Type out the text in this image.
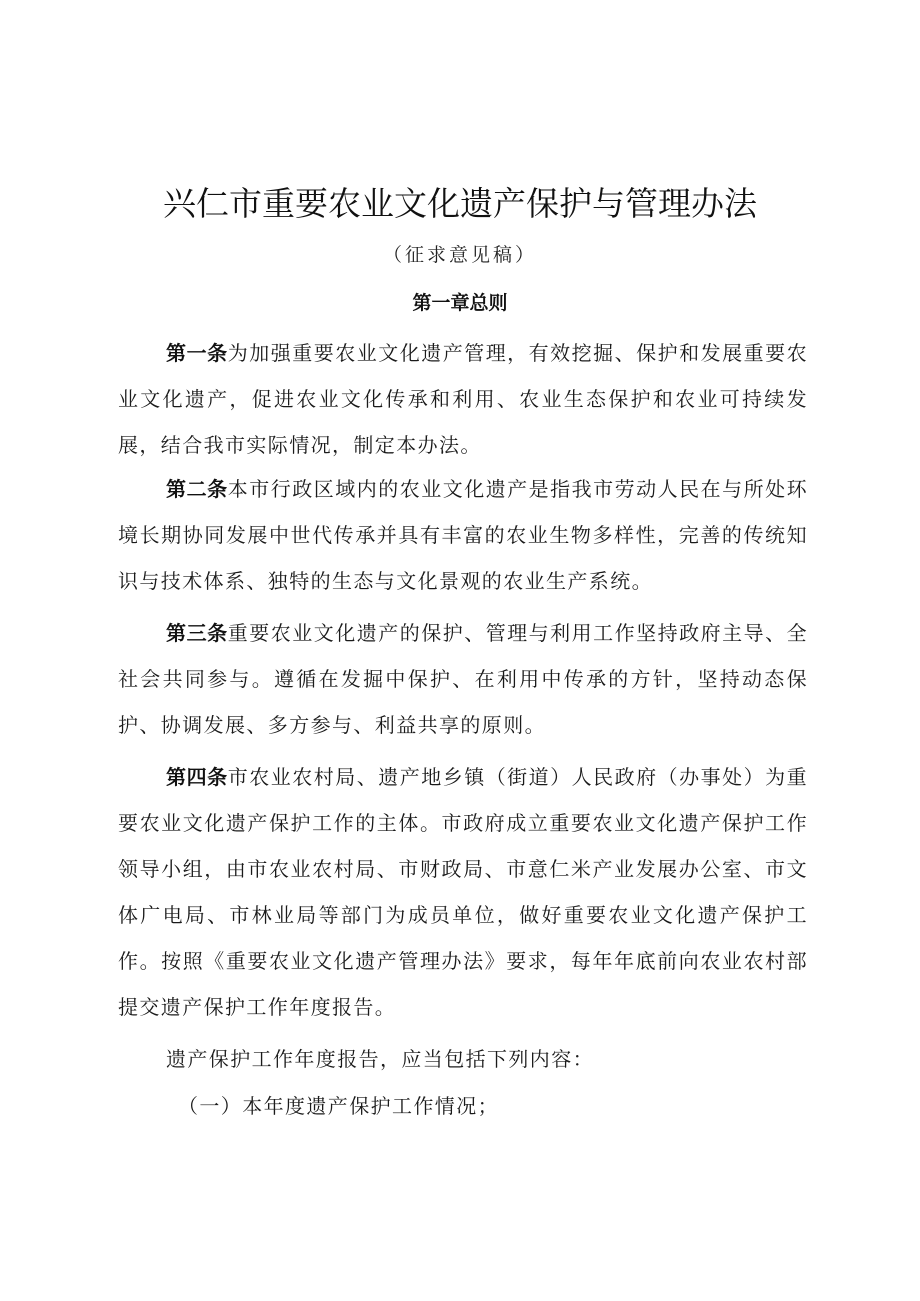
兴仁市重要农业文化遗产保护与管理办法
（征求意见稿）
第一章总则

第一条为加强重要农业文化遗产管理，有效挖掘、保护和发展重要农业文化遗产，促进农业文化传承和利用、农业生态保护和农业可持续发展，结合我市实际情况，制定本办法。

第二条本市行政区域内的农业文化遗产是指我市劳动人民在与所处环境长期协同发展中世代传承并具有丰富的农业生物多样性，完善的传统知识与技术体系、独特的生态与文化景观的农业生产系统。

第三条重要农业文化遗产的保护、管理与利用工作坚持政府主导、全社会共同参与。遵循在发掘中保护、在利用中传承的方针，坚持动态保护、协调发展、多方参与、利益共享的原则。

第四条市农业农村局、遗产地乡镇（街道）人民政府（办事处）为重要农业文化遗产保护工作的主体。市政府成立重要农业文化遗产保护工作领导小组，由市农业农村局、市财政局、市意仁米产业发展办公室、市文体广电局、市林业局等部门为成员单位，做好重要农业文化遗产保护工作。按照《重要农业文化遗产管理办法》要求，每年年底前向农业农村部提交遗产保护工作年度报告。

遗产保护工作年度报告，应当包括下列内容：

（一）本年度遗产保护工作情况；
